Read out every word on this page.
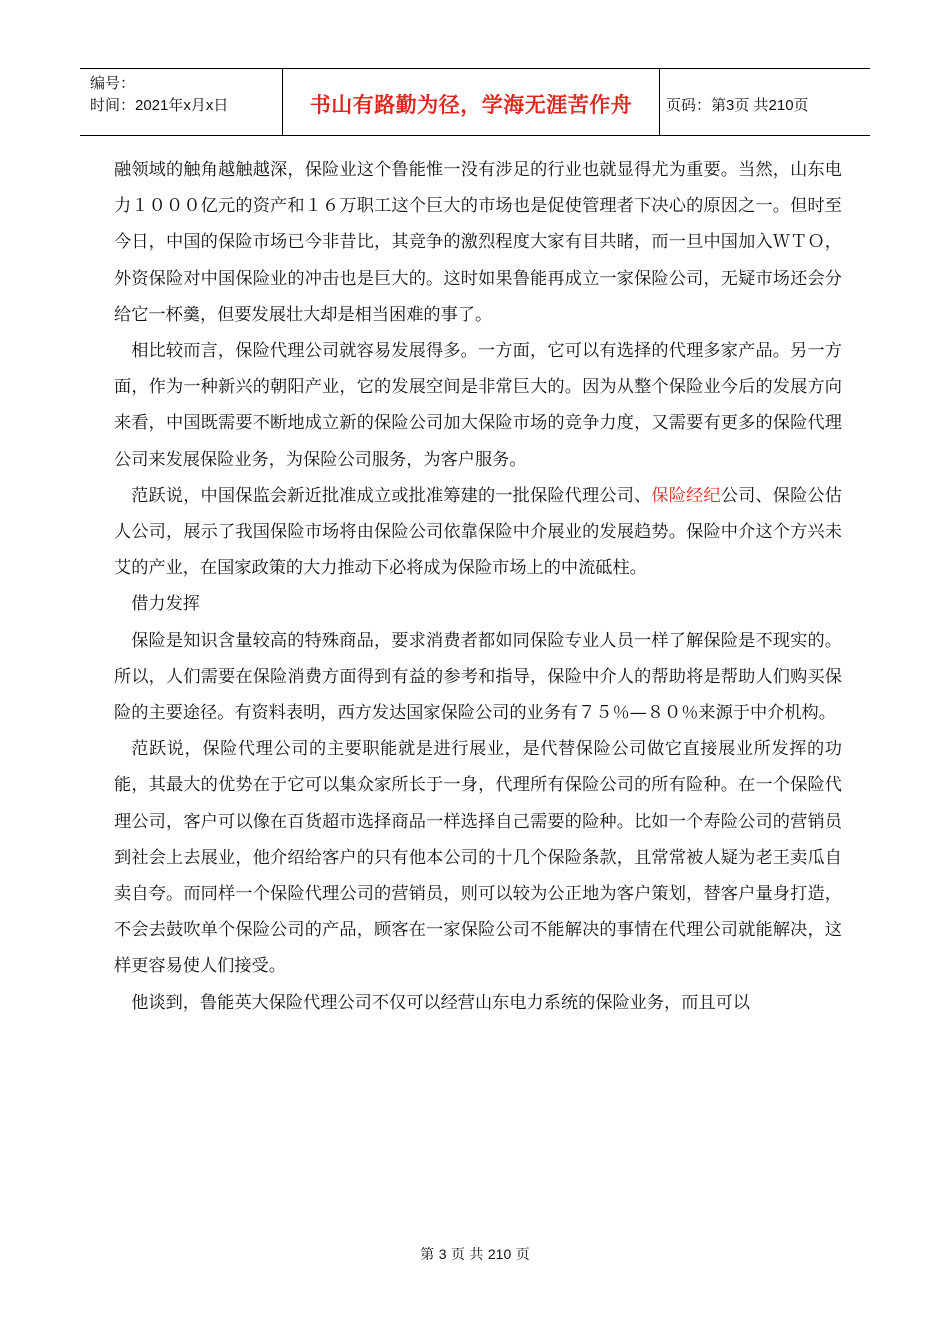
编号：
时间：2021年x月x日	书山有路勤为径，学海无涯苦作舟 页码：第3页 共210页

融领域的触角越触越深，保险业这个鲁能惟一没有涉足的行业也就显得尤为重要。当然，山东电力１０００亿元的资产和１６万职工这个巨大的市场也是促使管理者下决心的原因之一。但时至今日，中国的保险市场已今非昔比，其竞争的激烈程度大家有目共睹，而一旦中国加入ＷＴＯ，外资保险对中国保险业的冲击也是巨大的。这时如果鲁能再成立一家保险公司，无疑市场还会分给它一杯羹，但要发展壮大却是相当困难的事了。

相比较而言，保险代理公司就容易发展得多。一方面，它可以有选择的代理多家产品。另一方面，作为一种新兴的朝阳产业，它的发展空间是非常巨大的。因为从整个保险业今后的发展方向来看，中国既需要不断地成立新的保险公司加大保险市场的竞争力度，又需要有更多的保险代理公司来发展保险业务，为保险公司服务，为客户服务。

范跃说，中国保监会新近批准成立或批准筹建的一批保险代理公司、保险经纪公司、保险公估人公司，展示了我国保险市场将由保险公司依靠保险中介展业的发展趋势。保险中介这个方兴未艾的产业，在国家政策的大力推动下必将成为保险市场上的中流砥柱。

借力发挥

保险是知识含量较高的特殊商品，要求消费者都如同保险专业人员一样了解保险是不现实的。所以，人们需要在保险消费方面得到有益的参考和指导，保险中介人的帮助将是帮助人们购买保险的主要途径。有资料表明，西方发达国家保险公司的业务有７５％—８０％来源于中介机构。

范跃说，保险代理公司的主要职能就是进行展业，是代替保险公司做它直接展业所发挥的功能，其最大的优势在于它可以集众家所长于一身，代理所有保险公司的所有险种。在一个保险代理公司，客户可以像在百货超市选择商品一样选择自己需要的险种。比如一个寿险公司的营销员到社会上去展业，他介绍给客户的只有他本公司的十几个保险条款，且常常被人疑为老王卖瓜自卖自夸。而同样一个保险代理公司的营销员，则可以较为公正地为客户策划，替客户量身打造，不会去鼓吹单个保险公司的产品，顾客在一家保险公司不能解决的事情在代理公司就能解决，这样更容易使人们接受。

他谈到，鲁能英大保险代理公司不仅可以经营山东电力系统的保险业务，而且可以

第 3 页 共 210 页
